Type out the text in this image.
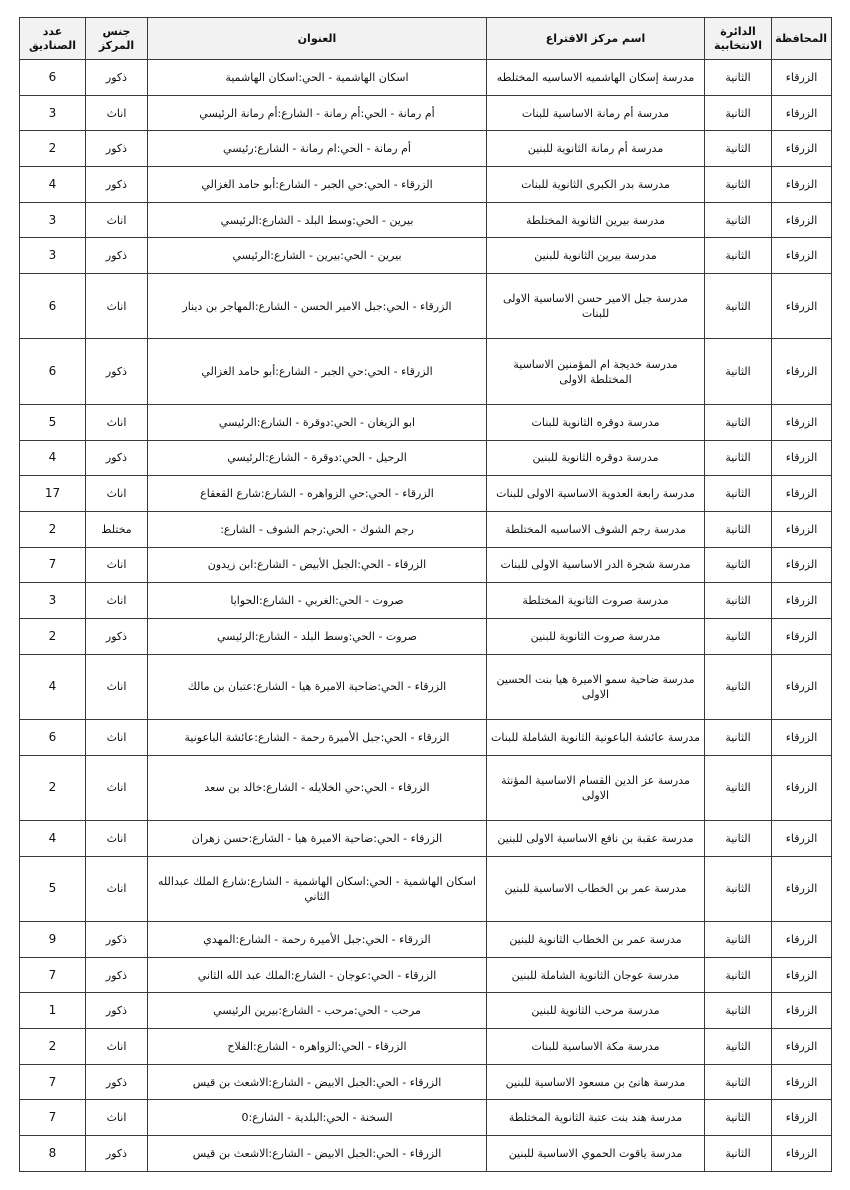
المحافظة	الدائرة الانتخابية	اسم مركز الاقتراع	العنوان	جنس المركز	عدد الصناديق
الزرقاء	الثانية	مدرسة إسكان الهاشميه الاساسيه المختلطه	اسكان الهاشمية - الحي:اسكان الهاشمية	ذكور	6
الزرقاء	الثانية	مدرسة أم رمانة الاساسية للبنات	أم رمانة - الحي:أم رمانة - الشارع:أم رمانة الرئيسي	اناث	3
الزرقاء	الثانية	مدرسة أم رمانة الثانوية للبنين	أم رمانة - الحي:ام رمانة - الشارع:رئيسي	ذكور	2
الزرقاء	الثانية	مدرسة بدر الكبرى الثانوية للبنات	الزرقاء - الحي:حي الجبر - الشارع:أبو حامد الغزالي	ذكور	4
الزرقاء	الثانية	مدرسة بيرين الثانوية المختلطة	بيرين - الحي:وسط البلد - الشارع:الرئيسي	اناث	3
الزرقاء	الثانية	مدرسة بيرين الثانوية للبنين	بيرين - الحي:بيرين - الشارع:الرئيسي	ذكور	3
الزرقاء	الثانية	مدرسة جبل الامير حسن الاساسية الاولى للبنات	الزرقاء - الحي:جبل الامير الحسن - الشارع:المهاجر بن دينار	اناث	6
الزرقاء	الثانية	مدرسة خديجة ام المؤمنين الاساسية المختلطة الاولى	الزرقاء - الحي:حي الجبر - الشارع:أبو حامد الغزالي	ذكور	6
الزرقاء	الثانية	مدرسة دوقره الثانوية للبنات	ابو الزيغان - الحي:دوقرة - الشارع:الرئيسي	اناث	5
الزرقاء	الثانية	مدرسة دوقره الثانوية للبنين	الرحيل - الحي:دوقرة - الشارع:الرئيسي	ذكور	4
الزرقاء	الثانية	مدرسة رابعة العدوية الاساسية الاولى للبنات	الزرقاء - الحي:حي الزواهره - الشارع:شارع القعقاع	اناث	17
الزرقاء	الثانية	مدرسة رجم الشوف الاساسيه المختلطة	رجم الشوك - الحي:رجم الشوف - الشارع:	مختلط	2
الزرقاء	الثانية	مدرسة شجرة الدر الاساسية الاولى للبنات	الزرقاء - الحي:الجبل الأبيض - الشارع:ابن زيدون	اناث	7
الزرقاء	الثانية	مدرسة صروت الثانوية المختلطة	صروت - الحي:الغربي - الشارع:الحوايا	اناث	3
الزرقاء	الثانية	مدرسة صروت الثانوية للبنين	صروت - الحي:وسط البلد - الشارع:الرئيسي	ذكور	2
الزرقاء	الثانية	مدرسة ضاحية سمو الاميرة هيا بنت الحسين الاولى	الزرقاء - الحي:ضاحية الاميرة هيا - الشارع:عتبان بن مالك	اناث	4
الزرقاء	الثانية	مدرسة عائشة الباعونية الثانوية الشاملة للبنات	الزرقاء - الحي:جبل الأميرة رحمة - الشارع:عائشة الباعونية	اناث	6
الزرقاء	الثانية	مدرسة عز الدين القسام الاساسية المؤنثة الاولى	الزرقاء - الحي:حي الخلايله - الشارع:خالد بن سعد	اناث	2
الزرقاء	الثانية	مدرسة عقبة بن نافع الاساسية الاولى للبنين	الزرقاء - الحي:ضاحية الاميرة هيا - الشارع:حسن زهران	اناث	4
الزرقاء	الثانية	مدرسة عمر بن الخطاب الاساسية للبنين	اسكان الهاشمية - الحي:اسكان الهاشمية - الشارع:شارع الملك عبدالله الثاني	اناث	5
الزرقاء	الثانية	مدرسة عمر بن الخطاب الثانوية للبنين	الزرقاء - الحي:جبل الأميرة رحمة - الشارع:المهدي	ذكور	9
الزرقاء	الثانية	مدرسة عوجان الثانوية الشاملة للبنين	الزرقاء - الحي:عوجان - الشارع:الملك عبد الله الثاني	ذكور	7
الزرقاء	الثانية	مدرسة مرحب الثانوية للبنين	مرحب - الحي:مرحب - الشارع:بيرين الرئيسي	ذكور	1
الزرقاء	الثانية	مدرسة مكة الاساسية للبنات	الزرقاء - الحي:الزواهره - الشارع:الفلاح	اناث	2
الزرقاء	الثانية	مدرسة هانئ بن مسعود الاساسية للبنين	الزرقاء - الحي:الجبل الابيض - الشارع:الاشعث بن قيس	ذكور	7
الزرقاء	الثانية	مدرسة هند بنت عتبة الثانوية المختلطة	السخنة - الحي:البلدية - الشارع:0	اناث	7
الزرقاء	الثانية	مدرسة ياقوت الحموي الاساسية للبنين	الزرقاء - الحي:الجبل الابيض - الشارع:الاشعث بن قيس	ذكور	8
